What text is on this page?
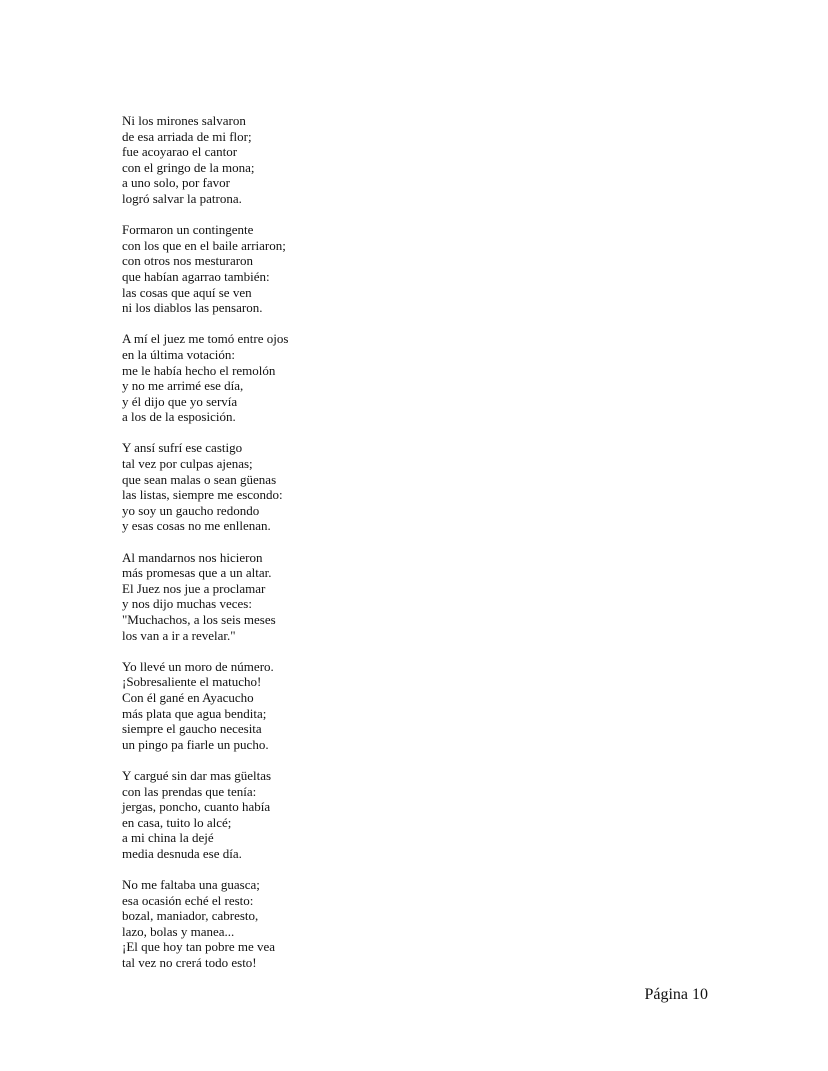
Ni los mirones salvaron
de esa arriada de mi flor;
fue acoyarao el cantor
con el gringo de la mona;
a uno solo, por favor
logró salvar la patrona.
Formaron un contingente
con los que en el baile arriaron;
con otros nos mesturaron
que habían agarrao también:
las cosas que aquí se ven
ni los diablos las pensaron.
A mí el juez me tomó entre ojos
en la última votación:
me le había hecho el remolón
y no me arrimé ese día,
y él dijo que yo servía
a los de la esposición.
Y ansí sufrí ese castigo
tal vez por culpas ajenas;
que sean malas o sean güenas
las listas, siempre me escondo:
yo soy un gaucho redondo
y esas cosas no me enllenan.
Al mandarnos nos hicieron
más promesas que a un altar.
El Juez nos jue a proclamar
y nos dijo muchas veces:
"Muchachos, a los seis meses
los van a ir a revelar."
Yo llevé un moro de número.
¡Sobresaliente el matucho!
Con él gané en Ayacucho
más plata que agua bendita;
siempre el gaucho necesita
un pingo pa fiarle un pucho.
Y cargué sin dar mas güeltas
con las prendas que tenía:
jergas, poncho, cuanto había
en casa, tuito lo alcé;
a mi china la dejé
media desnuda ese día.
No me faltaba una guasca;
esa ocasión eché el resto:
bozal, maniador, cabresto,
lazo, bolas y manea...
¡El que hoy tan pobre me vea
tal vez no crerá todo esto!
Página 10
